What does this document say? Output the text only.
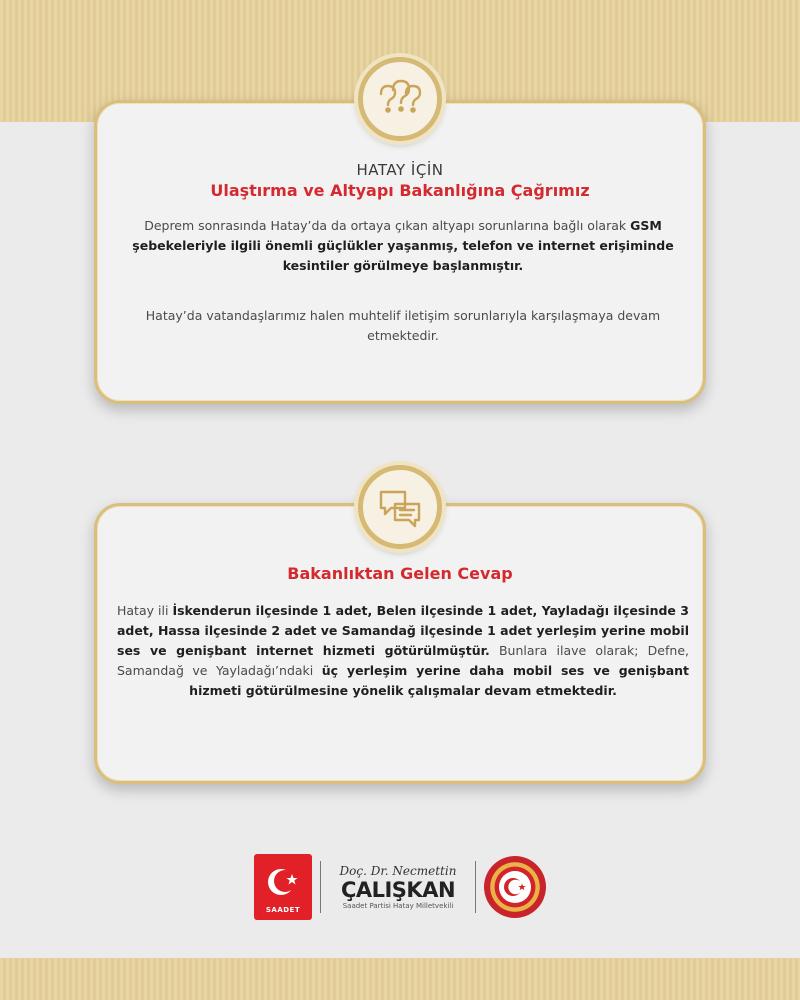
HATAY İÇİN
Ulaştırma ve Altyapı Bakanlığına Çağrımız
Deprem sonrasında Hatay’da da ortaya çıkan altyapı sorunlarına bağlı olarak GSM şebekeleriyle ilgili önemli güçlükler yaşanmış, telefon ve internet erişiminde kesintiler görülmeye başlanmıştır.
Hatay’da vatandaşlarımız halen muhtelif iletişim sorunlarıyla karşılaşmaya devam etmektedir.
Bakanlıktan Gelen Cevap
Hatay ili İskenderun ilçesinde 1 adet, Belen ilçesinde 1 adet, Yayladağı ilçesinde 3 adet, Hassa ilçesinde 2 adet ve Samandağ ilçesinde 1 adet yerleşim yerine mobil ses ve genişbant internet hizmeti götürülmüştür. Bunlara ilave olarak; Defne, Samandağ ve Yayladağı’ndaki üç yerleşim yerine daha mobil ses ve genişbant hizmeti götürülmesine yönelik çalışmalar devam etmektedir.
SAADET
Doç. Dr. Necmettin
ÇALIŞKAN
Saadet Partisi Hatay Milletvekili
